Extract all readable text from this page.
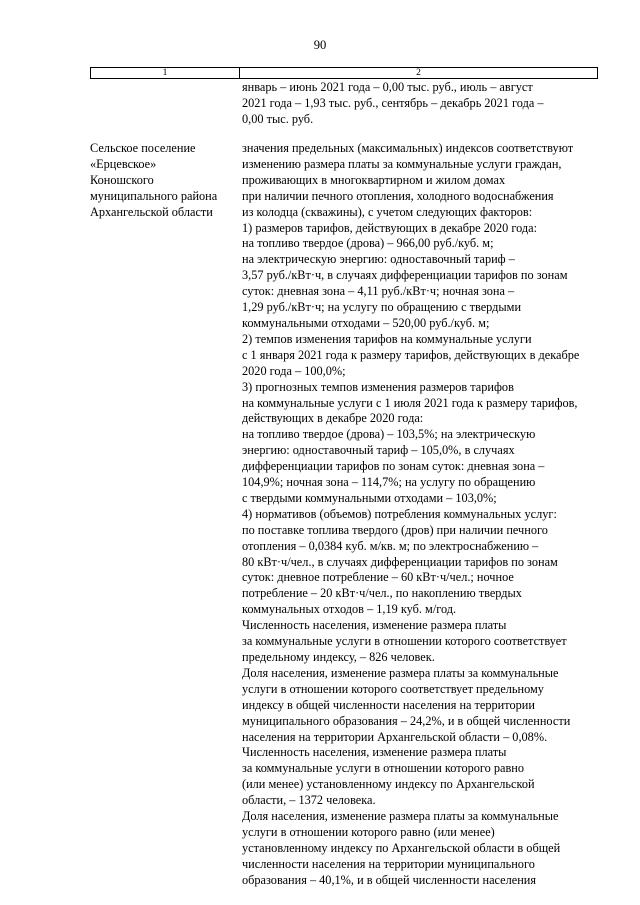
90
1	2
январь – июнь 2021 года – 0,00 тыс. руб., июль – август
2021 года – 1,93 тыс. руб., сентябрь – декабрь 2021 года –
0,00 тыс. руб.
Сельское поселение
«Ерцевское»
Коношского
муниципального района
Архангельской области
значения предельных (максимальных) индексов соответствуют
изменению размера платы за коммунальные услуги граждан,
проживающих в многоквартирном и жилом домах
при наличии печного отопления, холодного водоснабжения
из колодца (скважины), с учетом следующих факторов:
1) размеров тарифов, действующих в декабре 2020 года:
на топливо твердое (дрова) – 966,00 руб./куб. м;
на электрическую энергию: одноставочный тариф –
3,57 руб./кВт·ч, в случаях дифференциации тарифов по зонам
суток: дневная зона – 4,11 руб./кВт·ч; ночная зона –
1,29 руб./кВт·ч; на услугу по обращению с твердыми
коммунальными отходами – 520,00 руб./куб. м;
2) темпов изменения тарифов на коммунальные услуги
с 1 января 2021 года к размеру тарифов, действующих в декабре
2020 года – 100,0%;
3) прогнозных темпов изменения размеров тарифов
на коммунальные услуги с 1 июля 2021 года к размеру тарифов,
действующих в декабре 2020 года:
на топливо твердое (дрова) – 103,5%; на электрическую
энергию: одноставочный тариф – 105,0%, в случаях
дифференциации тарифов по зонам суток: дневная зона –
104,9%; ночная зона – 114,7%; на услугу по обращению
с твердыми коммунальными отходами – 103,0%;
4) нормативов (объемов) потребления коммунальных услуг:
по поставке топлива твердого (дров) при наличии печного
отопления – 0,0384 куб. м/кв. м; по электроснабжению –
80 кВт·ч/чел., в случаях дифференциации тарифов по зонам
суток: дневное потребление – 60 кВт·ч/чел.; ночное
потребление – 20 кВт·ч/чел., по накоплению твердых
коммунальных отходов – 1,19 куб. м/год.
Численность населения, изменение размера платы
за коммунальные услуги в отношении которого соответствует
предельному индексу, – 826 человек.
Доля населения, изменение размера платы за коммунальные
услуги в отношении которого соответствует предельному
индексу в общей численности населения на территории
муниципального образования – 24,2%, и в общей численности
населения на территории Архангельской области – 0,08%.
Численность населения, изменение размера платы
за коммунальные услуги в отношении которого равно
(или менее) установленному индексу по Архангельской
области, – 1372 человека.
Доля населения, изменение размера платы за коммунальные
услуги в отношении которого равно (или менее)
установленному индексу по Архангельской области в общей
численности населения на территории муниципального
образования – 40,1%, и в общей численности населения
